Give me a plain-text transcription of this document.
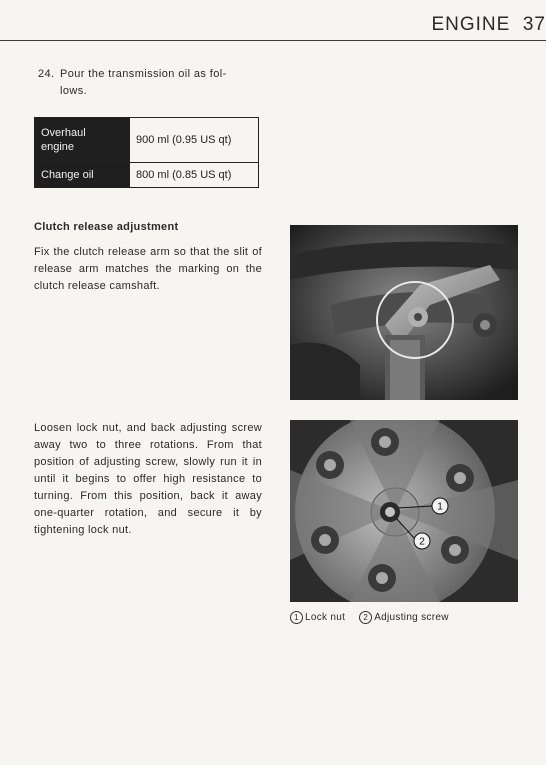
ENGINE 37
24. Pour the transmission oil as fol-
lows.
Overhaul
engine	900 ml (0.95 US qt)
Change oil	800 ml (0.85 US qt)
Clutch release adjustment
Fix the clutch release arm so that the slit of release arm matches the marking on the clutch release camshaft.
Loosen lock nut, and back adjusting screw away two to three rotations. From that position of adjusting screw, slowly run it in until it begins to offer high resistance to turning. From this position, back it away one-quarter rotation, and secure it by tightening lock nut.
1
2
1 Lock nut 2 Adjusting screw
